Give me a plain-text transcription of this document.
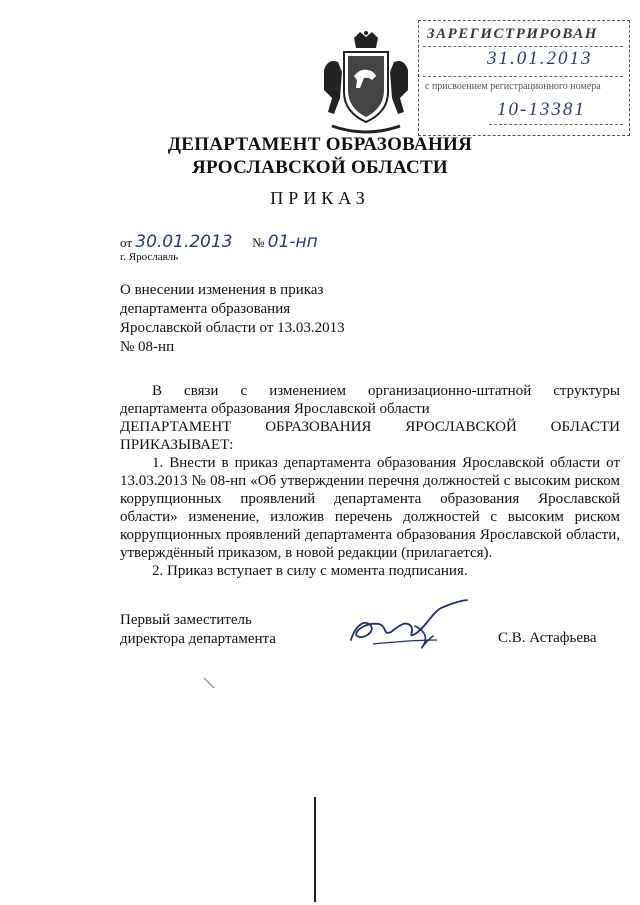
ЗАРЕГИСТРИРОВАН
31.01.2013
с присвоением регистрационного номера
10-13381
ДЕПАРТАМЕНТ ОБРАЗОВАНИЯ
ЯРОСЛАВСКОЙ ОБЛАСТИ
ПРИКАЗ
от 30.01.2013 № 01-нп
г. Ярославль
О внесении изменения в приказ
департамента образования
Ярославской области от 13.03.2013
№ 08-нп

В связи с изменением организационно-штатной структуры

департамента образования Ярославской области

ДЕПАРТАМЕНТ ОБРАЗОВАНИЯ ЯРОСЛАВСКОЙ ОБЛАСТИ

ПРИКАЗЫВАЕТ:

1. Внести в приказ департамента образования Ярославской области от 13.03.2013 № 08-нп «Об утверждении перечня должностей с высоким риском коррупционных проявлений департамента образования Ярославской области» изменение, изложив перечень должностей с высоким риском коррупционных проявлений департамента образования Ярославской области, утверждённый приказом, в новой редакции (прилагается).

2. Приказ вступает в силу с момента подписания.

Первый заместитель
директора департамента	С.В. Астафьева
